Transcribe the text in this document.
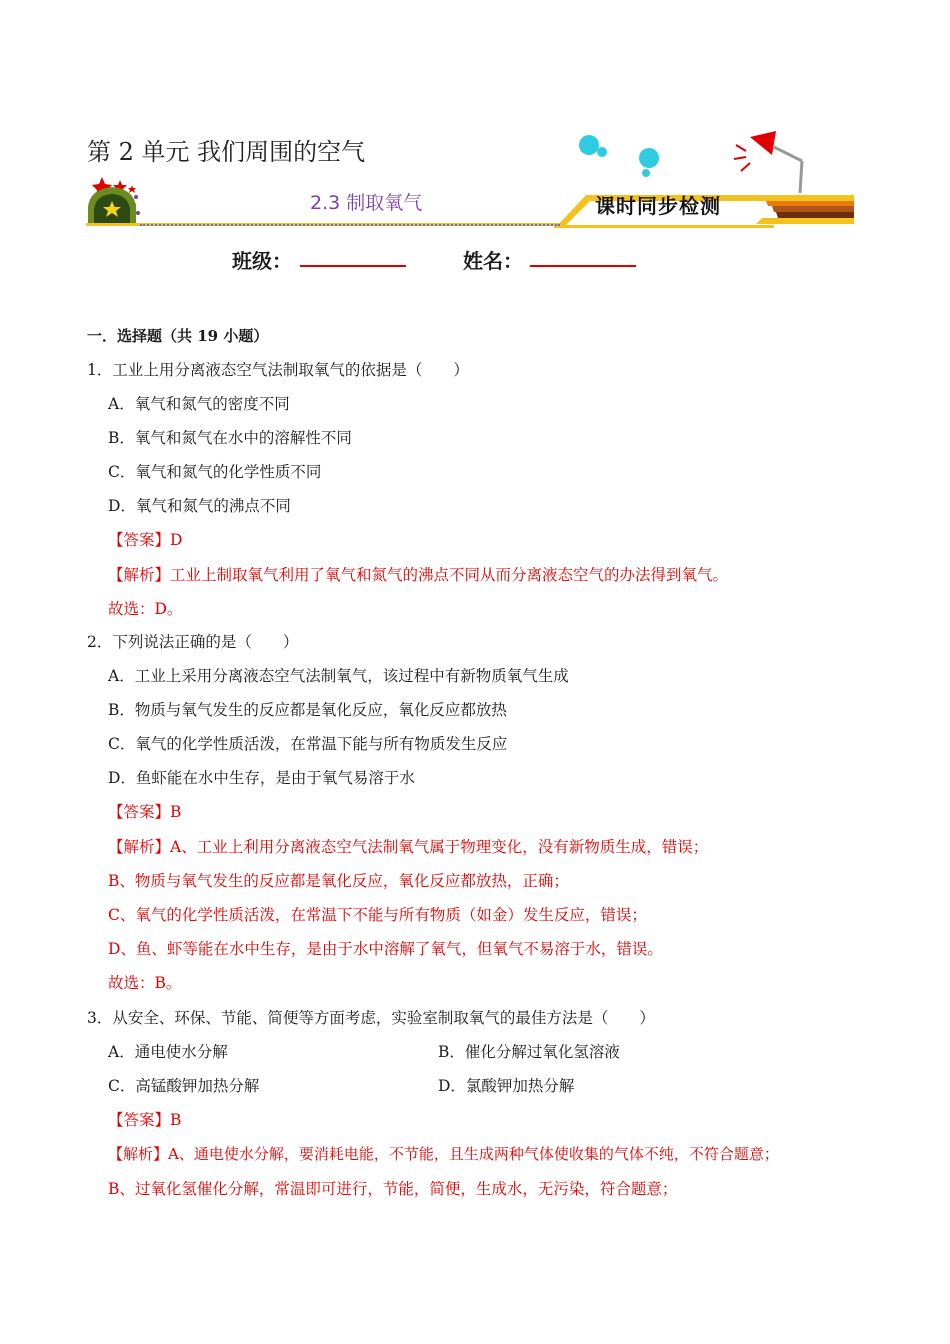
第 2 单元 我们周围的空气
2.3 制取氧气	课时同步检测
班级：	姓名：
一．选择题（共 19 小题）
1．工业上用分离液态空气法制取氧气的依据是（　　）
A．氧气和氮气的密度不同
B．氧气和氮气在水中的溶解性不同
C．氧气和氮气的化学性质不同
D．氧气和氮气的沸点不同
【答案】D
【解析】工业上制取氧气利用了氧气和氮气的沸点不同从而分离液态空气的办法得到氧气。
故选：D。
2．下列说法正确的是（　　）
A．工业上采用分离液态空气法制氧气，该过程中有新物质氧气生成
B．物质与氧气发生的反应都是氧化反应，氧化反应都放热
C．氧气的化学性质活泼，在常温下能与所有物质发生反应
D．鱼虾能在水中生存，是由于氧气易溶于水
【答案】B
【解析】A、工业上利用分离液态空气法制氧气属于物理变化，没有新物质生成，错误；
B、物质与氧气发生的反应都是氧化反应，氧化反应都放热，正确；
C、氧气的化学性质活泼，在常温下不能与所有物质（如金）发生反应，错误；
D、鱼、虾等能在水中生存，是由于水中溶解了氧气，但氧气不易溶于水，错误。
故选：B。
3．从安全、环保、节能、简便等方面考虑，实验室制取氧气的最佳方法是（　　）
A．通电使水分解	B．催化分解过氧化氢溶液
C．高锰酸钾加热分解	D．氯酸钾加热分解
【答案】B
【解析】A、通电使水分解，要消耗电能，不节能，且生成两种气体使收集的气体不纯，不符合题意；
B、过氧化氢催化分解，常温即可进行，节能，简便，生成水，无污染，符合题意；
